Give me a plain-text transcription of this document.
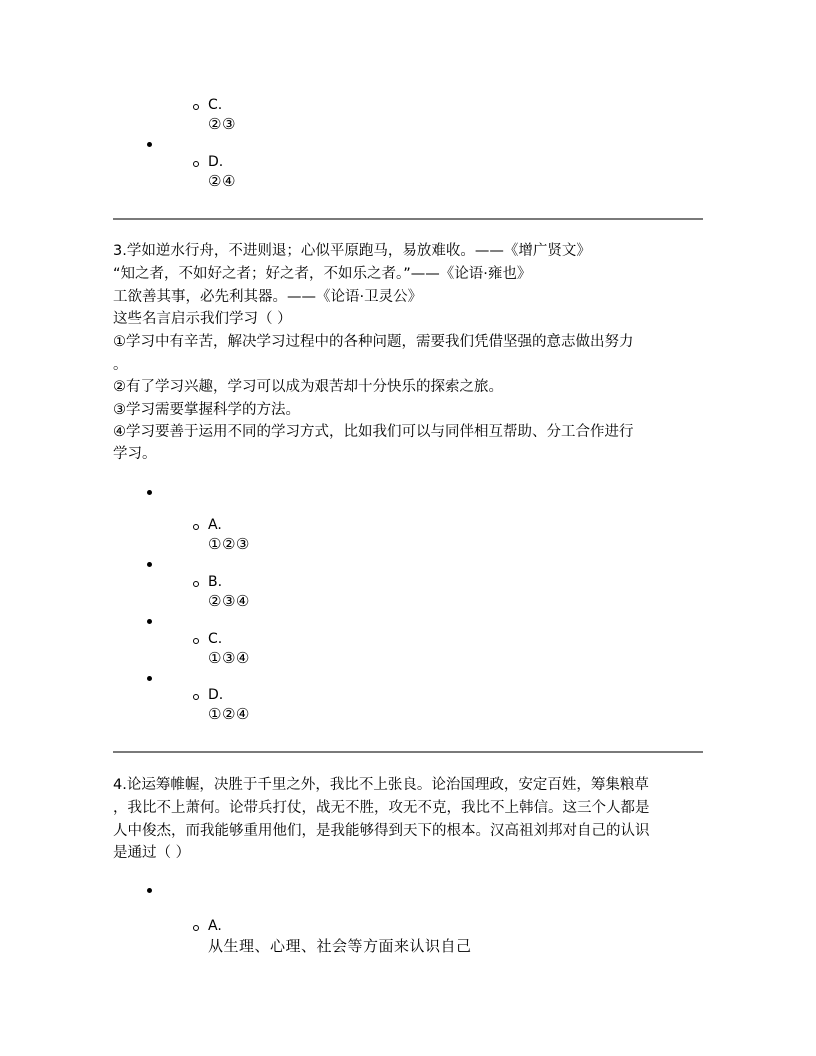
C.
②③
D.
②④
3.学如逆水行舟，不进则退；心似平原跑马，易放难收。——《增广贤文》
“知之者，不如好之者；好之者，不如乐之者。”——《论语·雍也》
工欲善其事，必先利其器。——《论语·卫灵公》
这些名言启示我们学习（ ）
①学习中有辛苦，解决学习过程中的各种问题，需要我们凭借坚强的意志做出努力
。
②有了学习兴趣，学习可以成为艰苦却十分快乐的探索之旅。
③学习需要掌握科学的方法。
④学习要善于运用不同的学习方式，比如我们可以与同伴相互帮助、分工合作进行
学习。
A.
①②③
B.
②③④
C.
①③④
D.
①②④
4.论运筹帷幄，决胜于千里之外，我比不上张良。论治国理政，安定百姓，筹集粮草
，我比不上萧何。论带兵打仗，战无不胜，攻无不克，我比不上韩信。这三个人都是
人中俊杰，而我能够重用他们，是我能够得到天下的根本。汉高祖刘邦对自己的认识
是通过（ ）
A.
从生理、心理、社会等方面来认识自己
